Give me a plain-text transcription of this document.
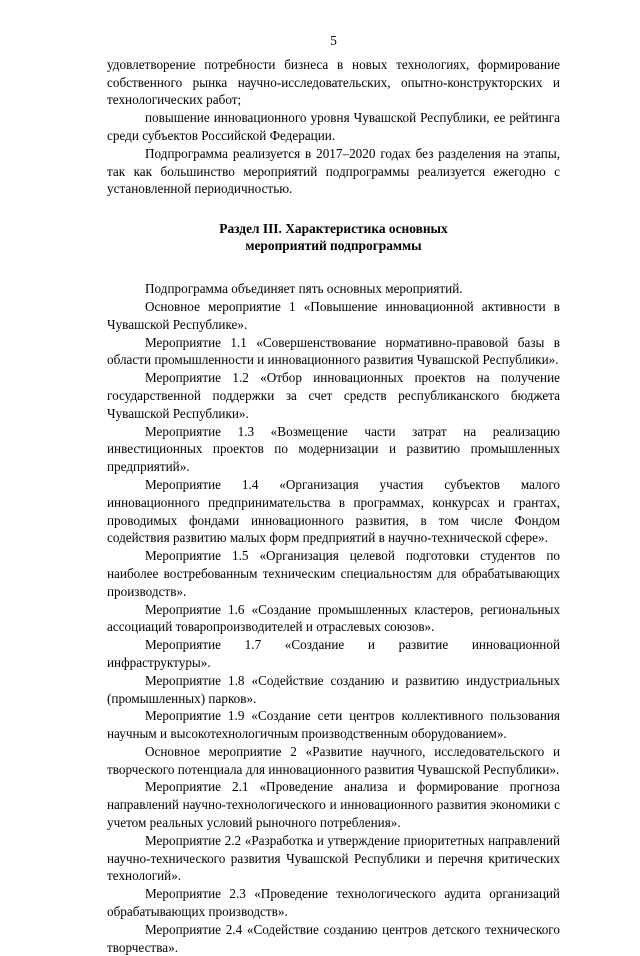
5

удовлетворение потребности бизнеса в новых технологиях, формирование собственного рынка научно-исследовательских, опытно-конструкторских и технологических работ;

повышение инновационного уровня Чувашской Республики, ее рейтинга среди субъектов Российской Федерации.

Подпрограмма реализуется в 2017–2020 годах без разделения на этапы, так как большинство мероприятий подпрограммы реализуется ежегодно с установленной периодичностью.

Раздел III. Характеристика основных
мероприятий подпрограммы

Подпрограмма объединяет пять основных мероприятий.

Основное мероприятие 1 «Повышение инновационной активности в Чувашской Республике».

Мероприятие 1.1 «Совершенствование нормативно-правовой базы в области промышленности и инновационного развития Чувашской Республики».

Мероприятие 1.2 «Отбор инновационных проектов на получение государственной поддержки за счет средств республиканского бюджета Чувашской Республики».

Мероприятие 1.3 «Возмещение части затрат на реализацию инвестиционных проектов по модернизации и развитию промышленных предприятий».

Мероприятие 1.4 «Организация участия субъектов малого инновационного предпринимательства в программах, конкурсах и грантах, проводимых фондами инновационного развития, в том числе Фондом содействия развитию малых форм предприятий в научно-технической сфере».

Мероприятие 1.5 «Организация целевой подготовки студентов по наиболее востребованным техническим специальностям для обрабатывающих производств».

Мероприятие 1.6 «Создание промышленных кластеров, региональных ассоциаций товаропроизводителей и отраслевых союзов».

Мероприятие 1.7 «Создание и развитие инновационной инфраструктуры».

Мероприятие 1.8 «Содействие созданию и развитию индустриальных (промышленных) парков».

Мероприятие 1.9 «Создание сети центров коллективного пользования научным и высокотехнологичным производственным оборудованием».

Основное мероприятие 2 «Развитие научного, исследовательского и творческого потенциала для инновационного развития Чувашской Республики».

Мероприятие 2.1 «Проведение анализа и формирование прогноза направлений научно-технологического и инновационного развития экономики с учетом реальных условий рыночного потребления».

Мероприятие 2.2 «Разработка и утверждение приоритетных направлений научно-технического развития Чувашской Республики и перечня критических технологий».

Мероприятие 2.3 «Проведение технологического аудита организаций обрабатывающих производств».

Мероприятие 2.4 «Содействие созданию центров детского технического творчества».
